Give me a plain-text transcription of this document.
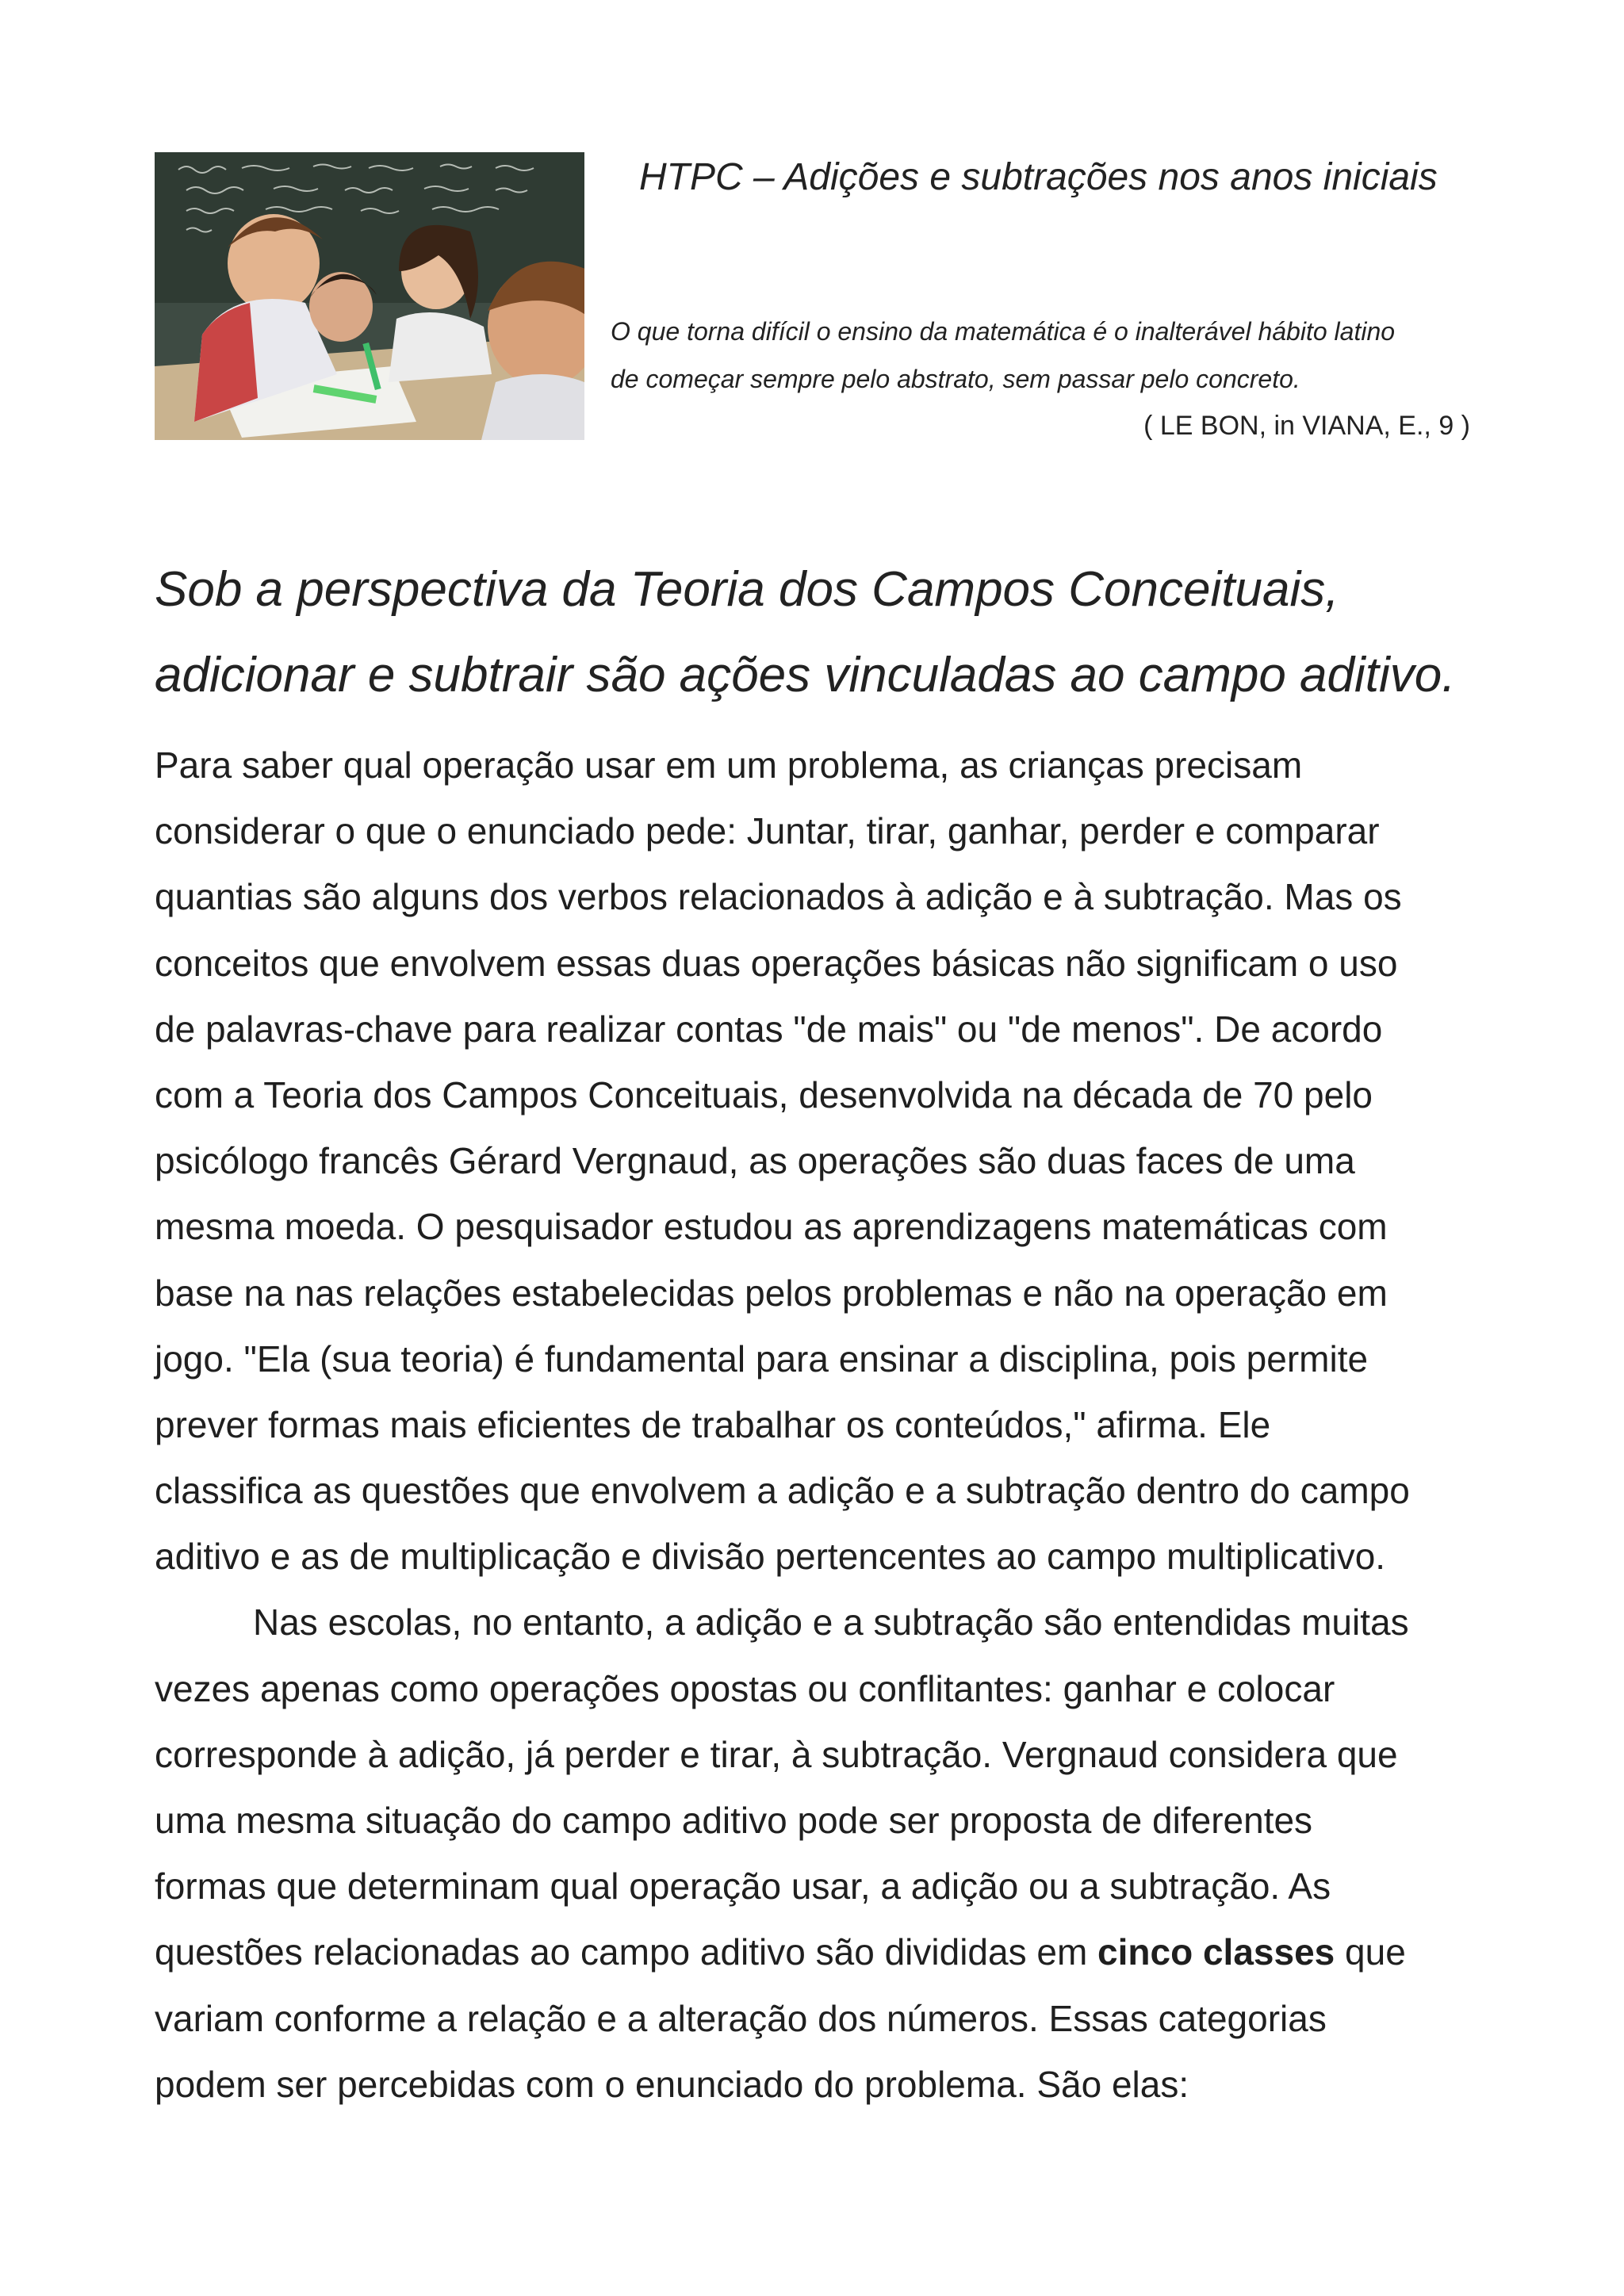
HTPC – Adições e subtrações nos anos iniciais

O que torna difícil o ensino da matemática é o inalterável hábito latino

de começar sempre pelo abstrato, sem passar pelo concreto.

( LE BON, in VIANA, E., 9 )

Sob a perspectiva da Teoria dos Campos Conceituais,

adicionar e subtrair são ações vinculadas ao campo aditivo.

Para saber qual operação usar em um problema, as crianças precisam
considerar o que o enunciado pede: Juntar, tirar, ganhar, perder e comparar
quantias são alguns dos verbos relacionados à adição e à subtração. Mas os
conceitos que envolvem essas duas operações básicas não significam o uso
de palavras-chave para realizar contas "de mais" ou "de menos". De acordo
com a Teoria dos Campos Conceituais, desenvolvida na década de 70 pelo
psicólogo francês Gérard Vergnaud, as operações são duas faces de uma
mesma moeda. O pesquisador estudou as aprendizagens matemáticas com
base na nas relações estabelecidas pelos problemas e não na operação em
jogo. "Ela (sua teoria) é fundamental para ensinar a disciplina, pois permite
prever formas mais eficientes de trabalhar os conteúdos," afirma. Ele
classifica as questões que envolvem a adição e a subtração dentro do campo
aditivo e as de multiplicação e divisão pertencentes ao campo multiplicativo.
Nas escolas, no entanto, a adição e a subtração são entendidas muitas
vezes apenas como operações opostas ou conflitantes: ganhar e colocar
corresponde à adição, já perder e tirar, à subtração. Vergnaud considera que
uma mesma situação do campo aditivo pode ser proposta de diferentes
formas que determinam qual operação usar, a adição ou a subtração. As
questões relacionadas ao campo aditivo são divididas em cinco classes que
variam conforme a relação e a alteração dos números. Essas categorias
podem ser percebidas com o enunciado do problema. São elas:
